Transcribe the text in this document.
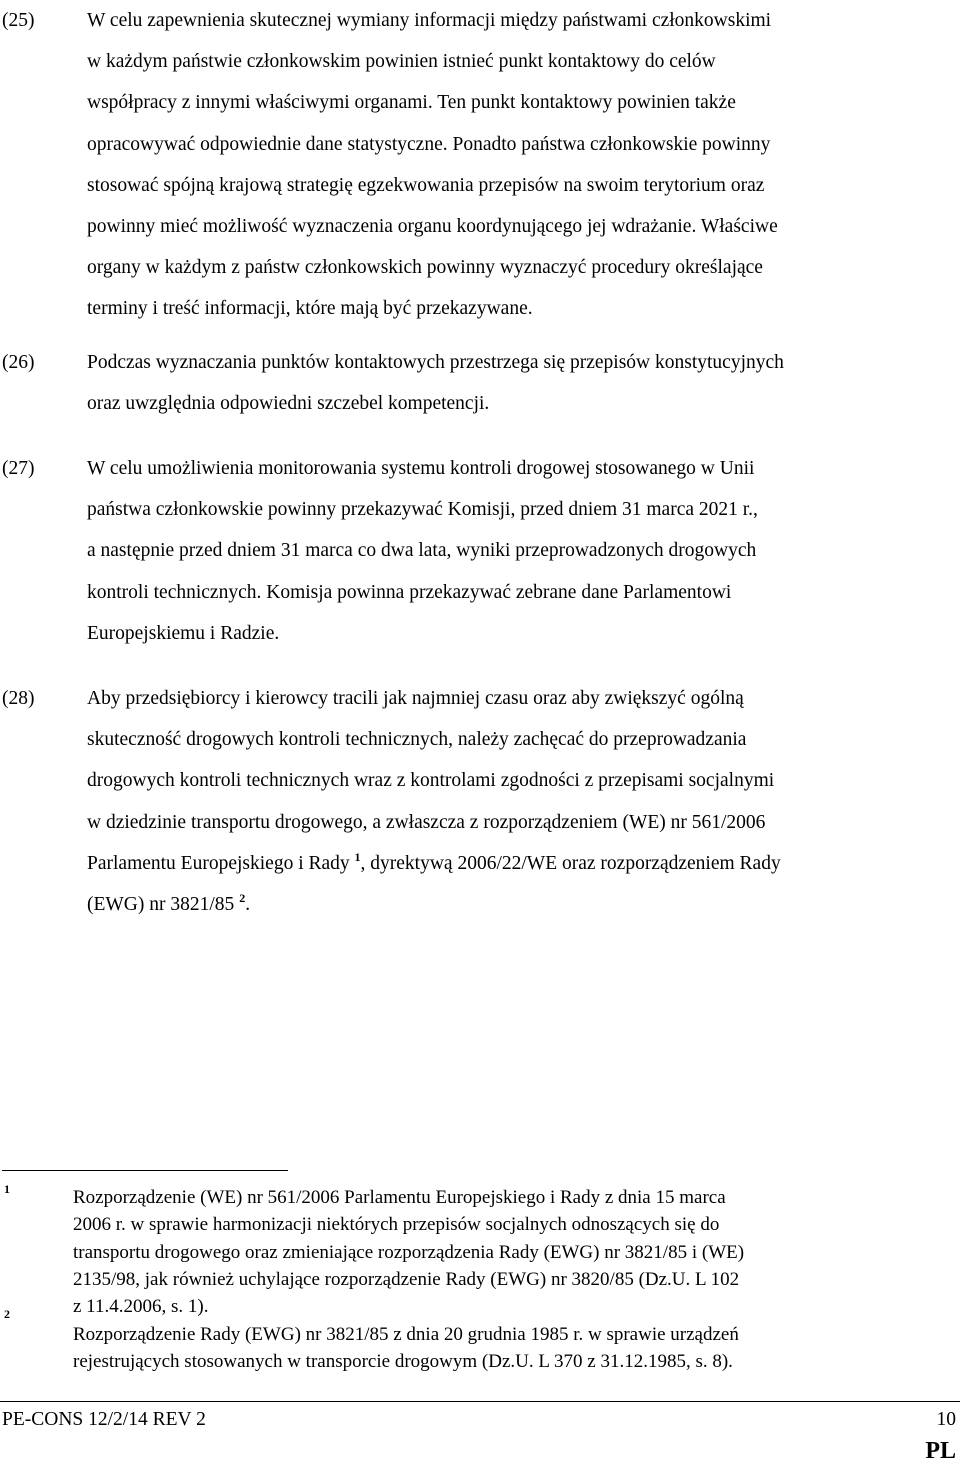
(25)	W celu zapewnienia skutecznej wymiany informacji między państwami członkowskimi
w każdym państwie członkowskim powinien istnieć punkt kontaktowy do celów
współpracy z innymi właściwymi organami. Ten punkt kontaktowy powinien także
opracowywać odpowiednie dane statystyczne. Ponadto państwa członkowskie powinny
stosować spójną krajową strategię egzekwowania przepisów na swoim terytorium oraz
powinny mieć możliwość wyznaczenia organu koordynującego jej wdrażanie. Właściwe
organy w każdym z państw członkowskich powinny wyznaczyć procedury określające
terminy i treść informacji, które mają być przekazywane.
(26)	Podczas wyznaczania punktów kontaktowych przestrzega się przepisów konstytucyjnych
oraz uwzględnia odpowiedni szczebel kompetencji.
(27)	W celu umożliwienia monitorowania systemu kontroli drogowej stosowanego w Unii
państwa członkowskie powinny przekazywać Komisji, przed dniem 31 marca 2021 r.,
a następnie przed dniem 31 marca co dwa lata, wyniki przeprowadzonych drogowych
kontroli technicznych. Komisja powinna przekazywać zebrane dane Parlamentowi
Europejskiemu i Radzie.
(28)	Aby przedsiębiorcy i kierowcy tracili jak najmniej czasu oraz aby zwiększyć ogólną
skuteczność drogowych kontroli technicznych, należy zachęcać do przeprowadzania
drogowych kontroli technicznych wraz z kontrolami zgodności z przepisami socjalnymi
w dziedzinie transportu drogowego, a zwłaszcza z rozporządzeniem (WE) nr 561/2006
Parlamentu Europejskiego i Rady $^1$, dyrektywą 2006/22/WE oraz rozporządzeniem Rady
(EWG) nr 3821/85 $^2$.
1	Rozporządzenie (WE) nr 561/2006 Parlamentu Europejskiego i Rady z dnia 15 marca
2006 r. w sprawie harmonizacji niektórych przepisów socjalnych odnoszących się do
transportu drogowego oraz zmieniające rozporządzenia Rady (EWG) nr 3821/85 i (WE)
2135/98, jak również uchylające rozporządzenie Rady (EWG) nr 3820/85 (Dz.U. L 102
z 11.4.2006, s. 1).
2
Rozporządzenie Rady (EWG) nr 3821/85 z dnia 20 grudnia 1985 r. w sprawie urządzeń
rejestrujących stosowanych w transporcie drogowym (Dz.U. L 370 z 31.12.1985, s. 8).
PE-CONS 12/2/14 REV 2	10
PL
